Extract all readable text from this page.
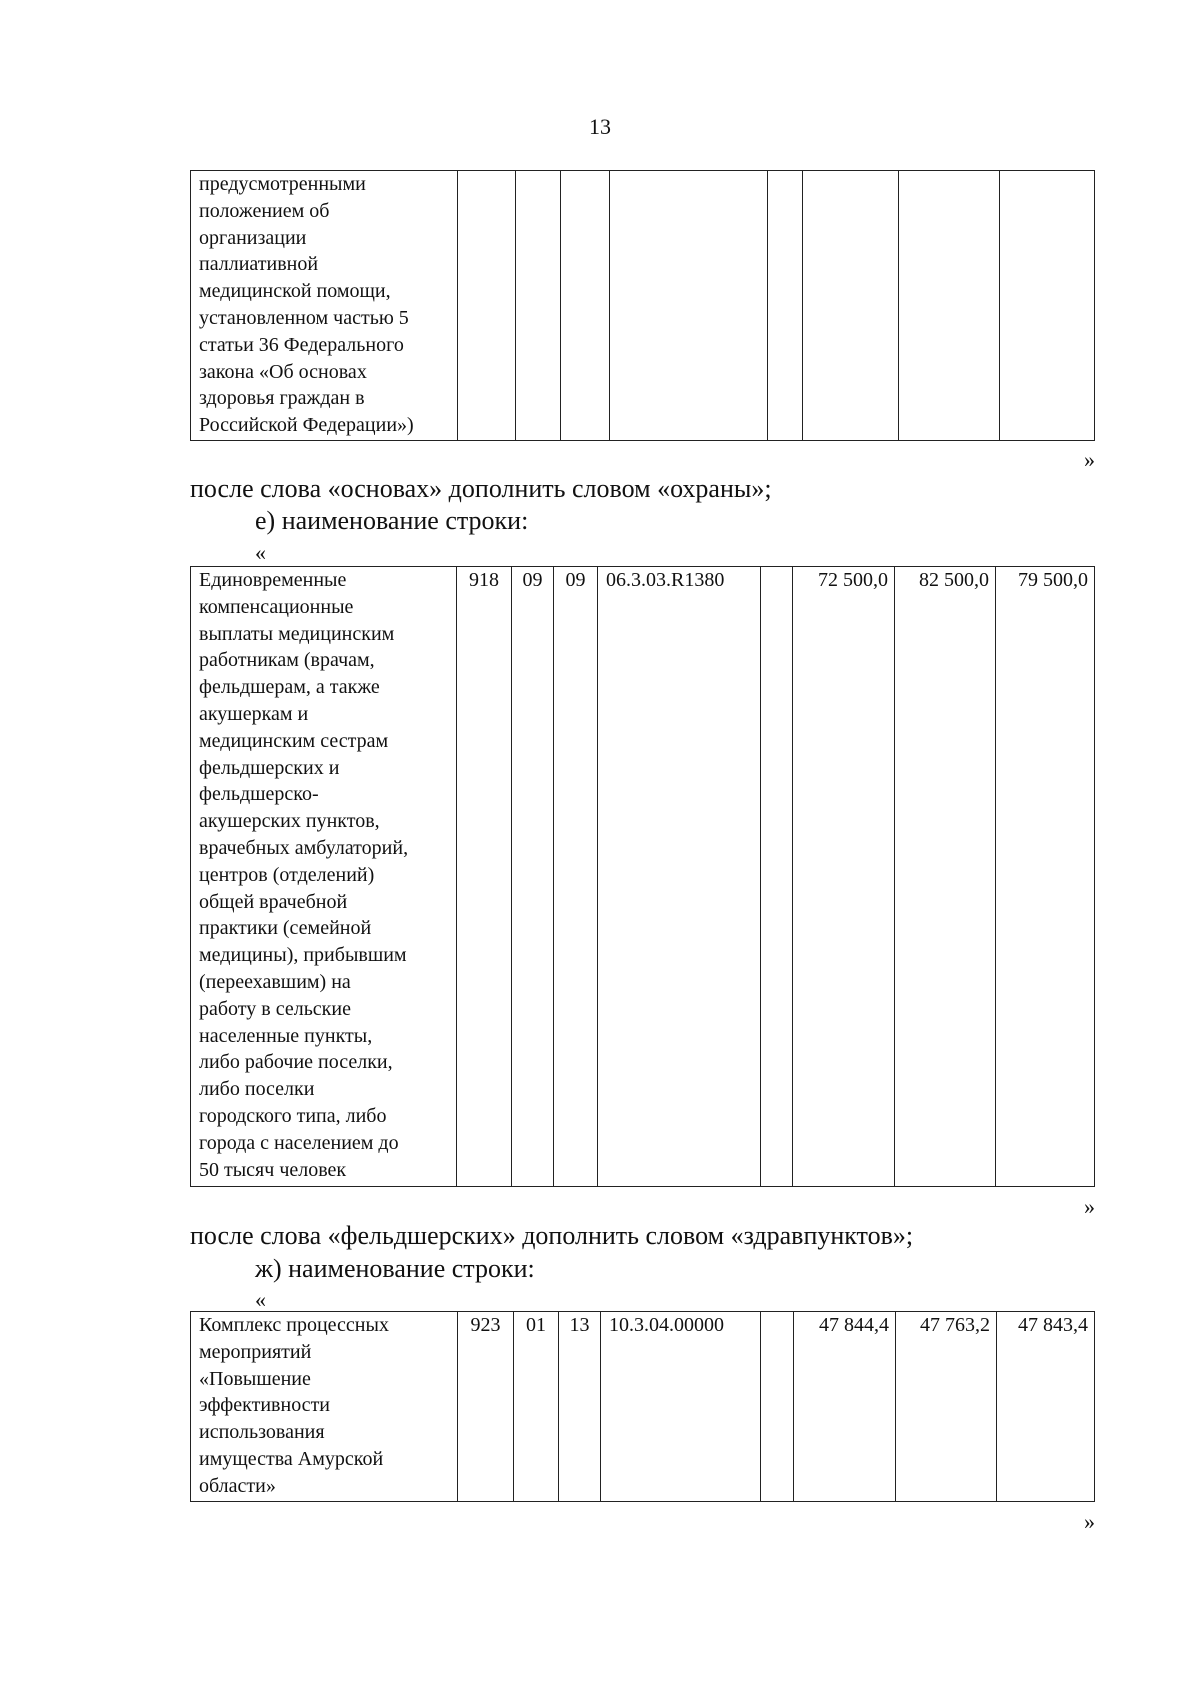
13
предусмотренными
положением об
организации
паллиативной
медицинской помощи,
установленном частью 5
статьи 36 Федерального
закона «Об основах
здоровья граждан в
Российской Федерации»)

»
после слова «основах» дополнить словом «охраны»;
е) наименование строки:
«
Единовременные
компенсационные
выплаты медицинским
работникам (врачам,
фельдшерам, а также
акушеркам и
медицинским сестрам
фельдшерских и
фельдшерско-
акушерских пунктов,
врачебных амбулаторий,
центров (отделений)
общей врачебной
практики (семейной
медицины), прибывшим
(переехавшим) на
работу в сельские
населенные пункты,
либо рабочие поселки,
либо поселки
городского типа, либо
города с населением до
50 тысяч человек
	918	09	09	06.3.03.R1380		72 500,0	82 500,0	79 500,0
»
после слова «фельдшерских» дополнить словом «здравпунктов»;
ж) наименование строки:
«
Комплекс процессных
мероприятий
«Повышение
эффективности
использования
имущества Амурской
области»
	923	01	13	10.3.04.00000		47 844,4	47 763,2	47 843,4
»
